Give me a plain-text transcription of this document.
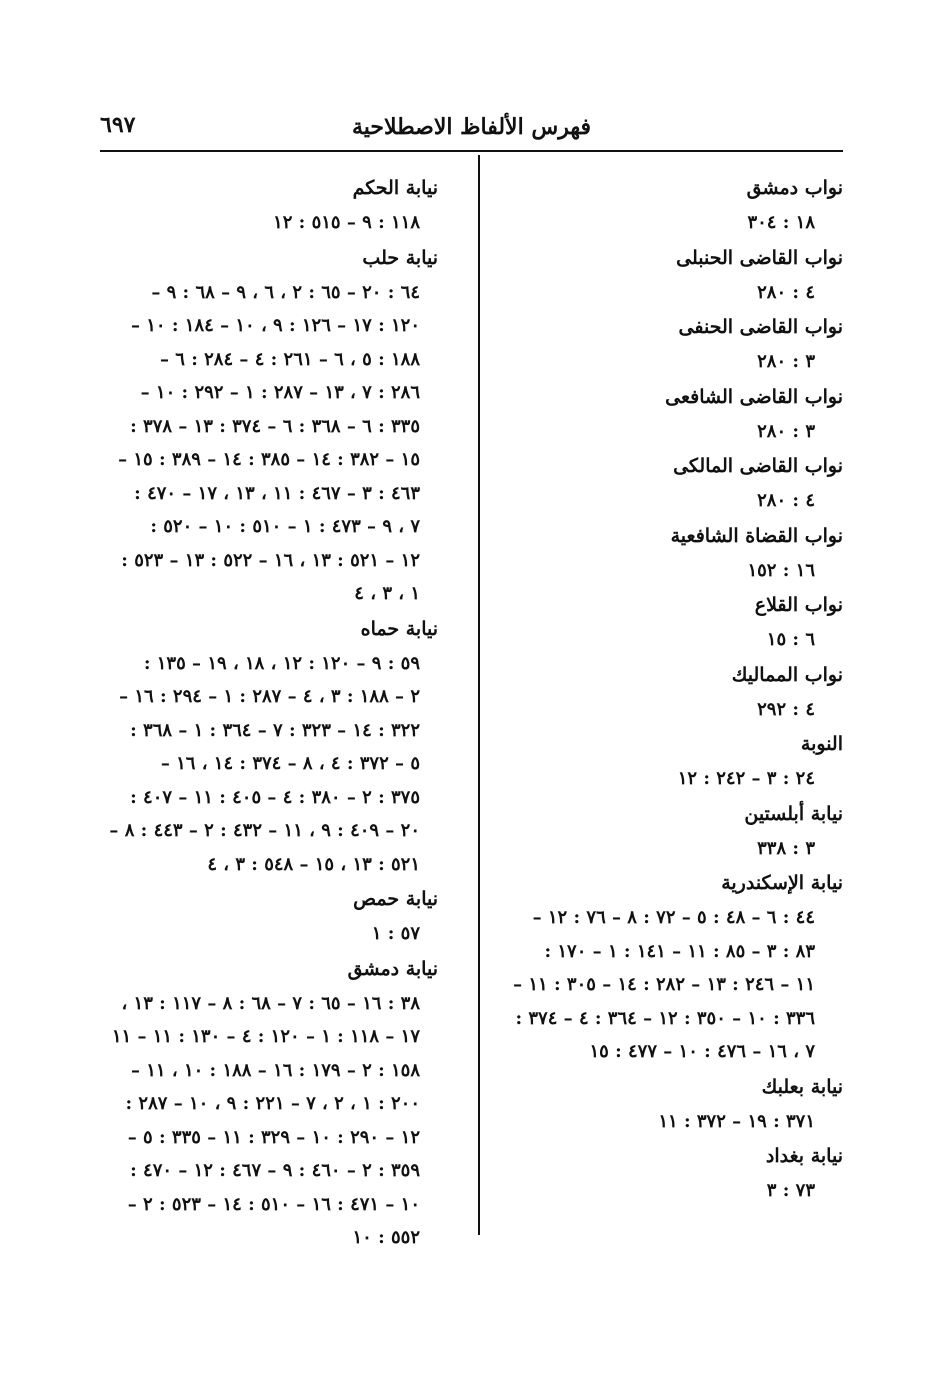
فهرس الألفاظ الاصطلاحية
٦٩٧
نواب دمشق
١٨ : ٣٠٤
نواب القاضى الحنبلى
٤ : ٢٨٠
نواب القاضى الحنفى
٣ : ٢٨٠
نواب القاضى الشافعى
٣ : ٢٨٠
نواب القاضى المالكى
٤ : ٢٨٠
نواب القضاة الشافعية
١٦ : ١٥٢
نواب القلاع
٦ : ١٥
نواب المماليك
٤ : ٢٩٢
النوبة
٢٤ : ٣ – ٢٤٢ : ١٢
نيابة أبلستين
٣ : ٣٣٨
نيابة الإسكندرية
٤٤ : ٦ – ٤٨ : ٥ – ٧٢ : ٨ – ٧٦ : ١٢ –
٨٣ : ٣ – ٨٥ : ١١ – ١٤١ : ١ – ١٧٠ :
١١ – ٢٤٦ : ١٣ – ٢٨٢ : ١٤ – ٣٠٥ : ١١ –
٣٣٦ : ١٠ – ٣٥٠ : ١٢ – ٣٦٤ : ٤ – ٣٧٤ :
٧ ، ١٦ – ٤٧٦ : ١٠ – ٤٧٧ : ١٥
نيابة بعلبك
٣٧١ : ١٩ – ٣٧٢ : ١١
نيابة بغداد
٧٣ : ٣
نيابة الحكم
١١٨ : ٩ – ٥١٥ : ١٢
نيابة حلب
٦٤ : ٢٠ – ٦٥ : ٢ ، ٦ ، ٩ – ٦٨ : ٩ –
١٢٠ : ١٧ – ١٢٦ : ٩ ، ١٠ – ١٨٤ : ١٠ –
١٨٨ : ٥ ، ٦ – ٢٦١ : ٤ – ٢٨٤ : ٦ –
٢٨٦ : ٧ ، ١٣ – ٢٨٧ : ١ – ٢٩٢ : ١٠ –
٣٣٥ : ٦ – ٣٦٨ : ٦ – ٣٧٤ : ١٣ – ٣٧٨ :
١٥ – ٣٨٢ : ١٤ – ٣٨٥ : ١٤ – ٣٨٩ : ١٥ –
٤٦٣ : ٣ – ٤٦٧ : ١١ ، ١٣ ، ١٧ – ٤٧٠ :
٧ ، ٩ – ٤٧٣ : ١ – ٥١٠ : ١٠ – ٥٢٠ :
١٢ – ٥٢١ : ١٣ ، ١٦ – ٥٢٢ : ١٣ – ٥٢٣ :
١ ، ٣ ، ٤
نيابة حماه
٥٩ : ٩ – ١٢٠ : ١٢ ، ١٨ ، ١٩ – ١٣٥ :
٢ – ١٨٨ : ٣ ، ٤ – ٢٨٧ : ١ – ٢٩٤ : ١٦ –
٣٢٢ : ١٤ – ٣٢٣ : ٧ – ٣٦٤ : ١ – ٣٦٨ :
٥ – ٣٧٢ : ٤ ، ٨ – ٣٧٤ : ١٤ ، ١٦ –
٣٧٥ : ٢ – ٣٨٠ : ٤ – ٤٠٥ : ١١ – ٤٠٧ :
٢٠ – ٤٠٩ : ٩ ، ١١ – ٤٣٢ : ٢ – ٤٤٣ : ٨ –
٥٢١ : ١٣ ، ١٥ – ٥٤٨ : ٣ ، ٤
نيابة حمص
٥٧ : ١
نيابة دمشق
٣٨ : ١٦ – ٦٥ : ٧ – ٦٨ : ٨ – ١١٧ : ١٣ ،
١٧ – ١١٨ : ١ – ١٢٠ : ٤ – ١٣٠ : ١١ – ١١
١٥٨ : ٢ – ١٧٩ : ١٦ – ١٨٨ : ١٠ ، ١١ –
٢٠٠ : ١ ، ٢ ، ٧ – ٢٢١ : ٩ ، ١٠ – ٢٨٧ :
١٢ – ٢٩٠ : ١٠ – ٣٢٩ : ١١ – ٣٣٥ : ٥ –
٣٥٩ : ٢ – ٤٦٠ : ٩ – ٤٦٧ : ١٢ – ٤٧٠ :
١٠ – ٤٧١ : ١٦ – ٥١٠ : ١٤ – ٥٢٣ : ٢ –
٥٥٢ : ١٠
